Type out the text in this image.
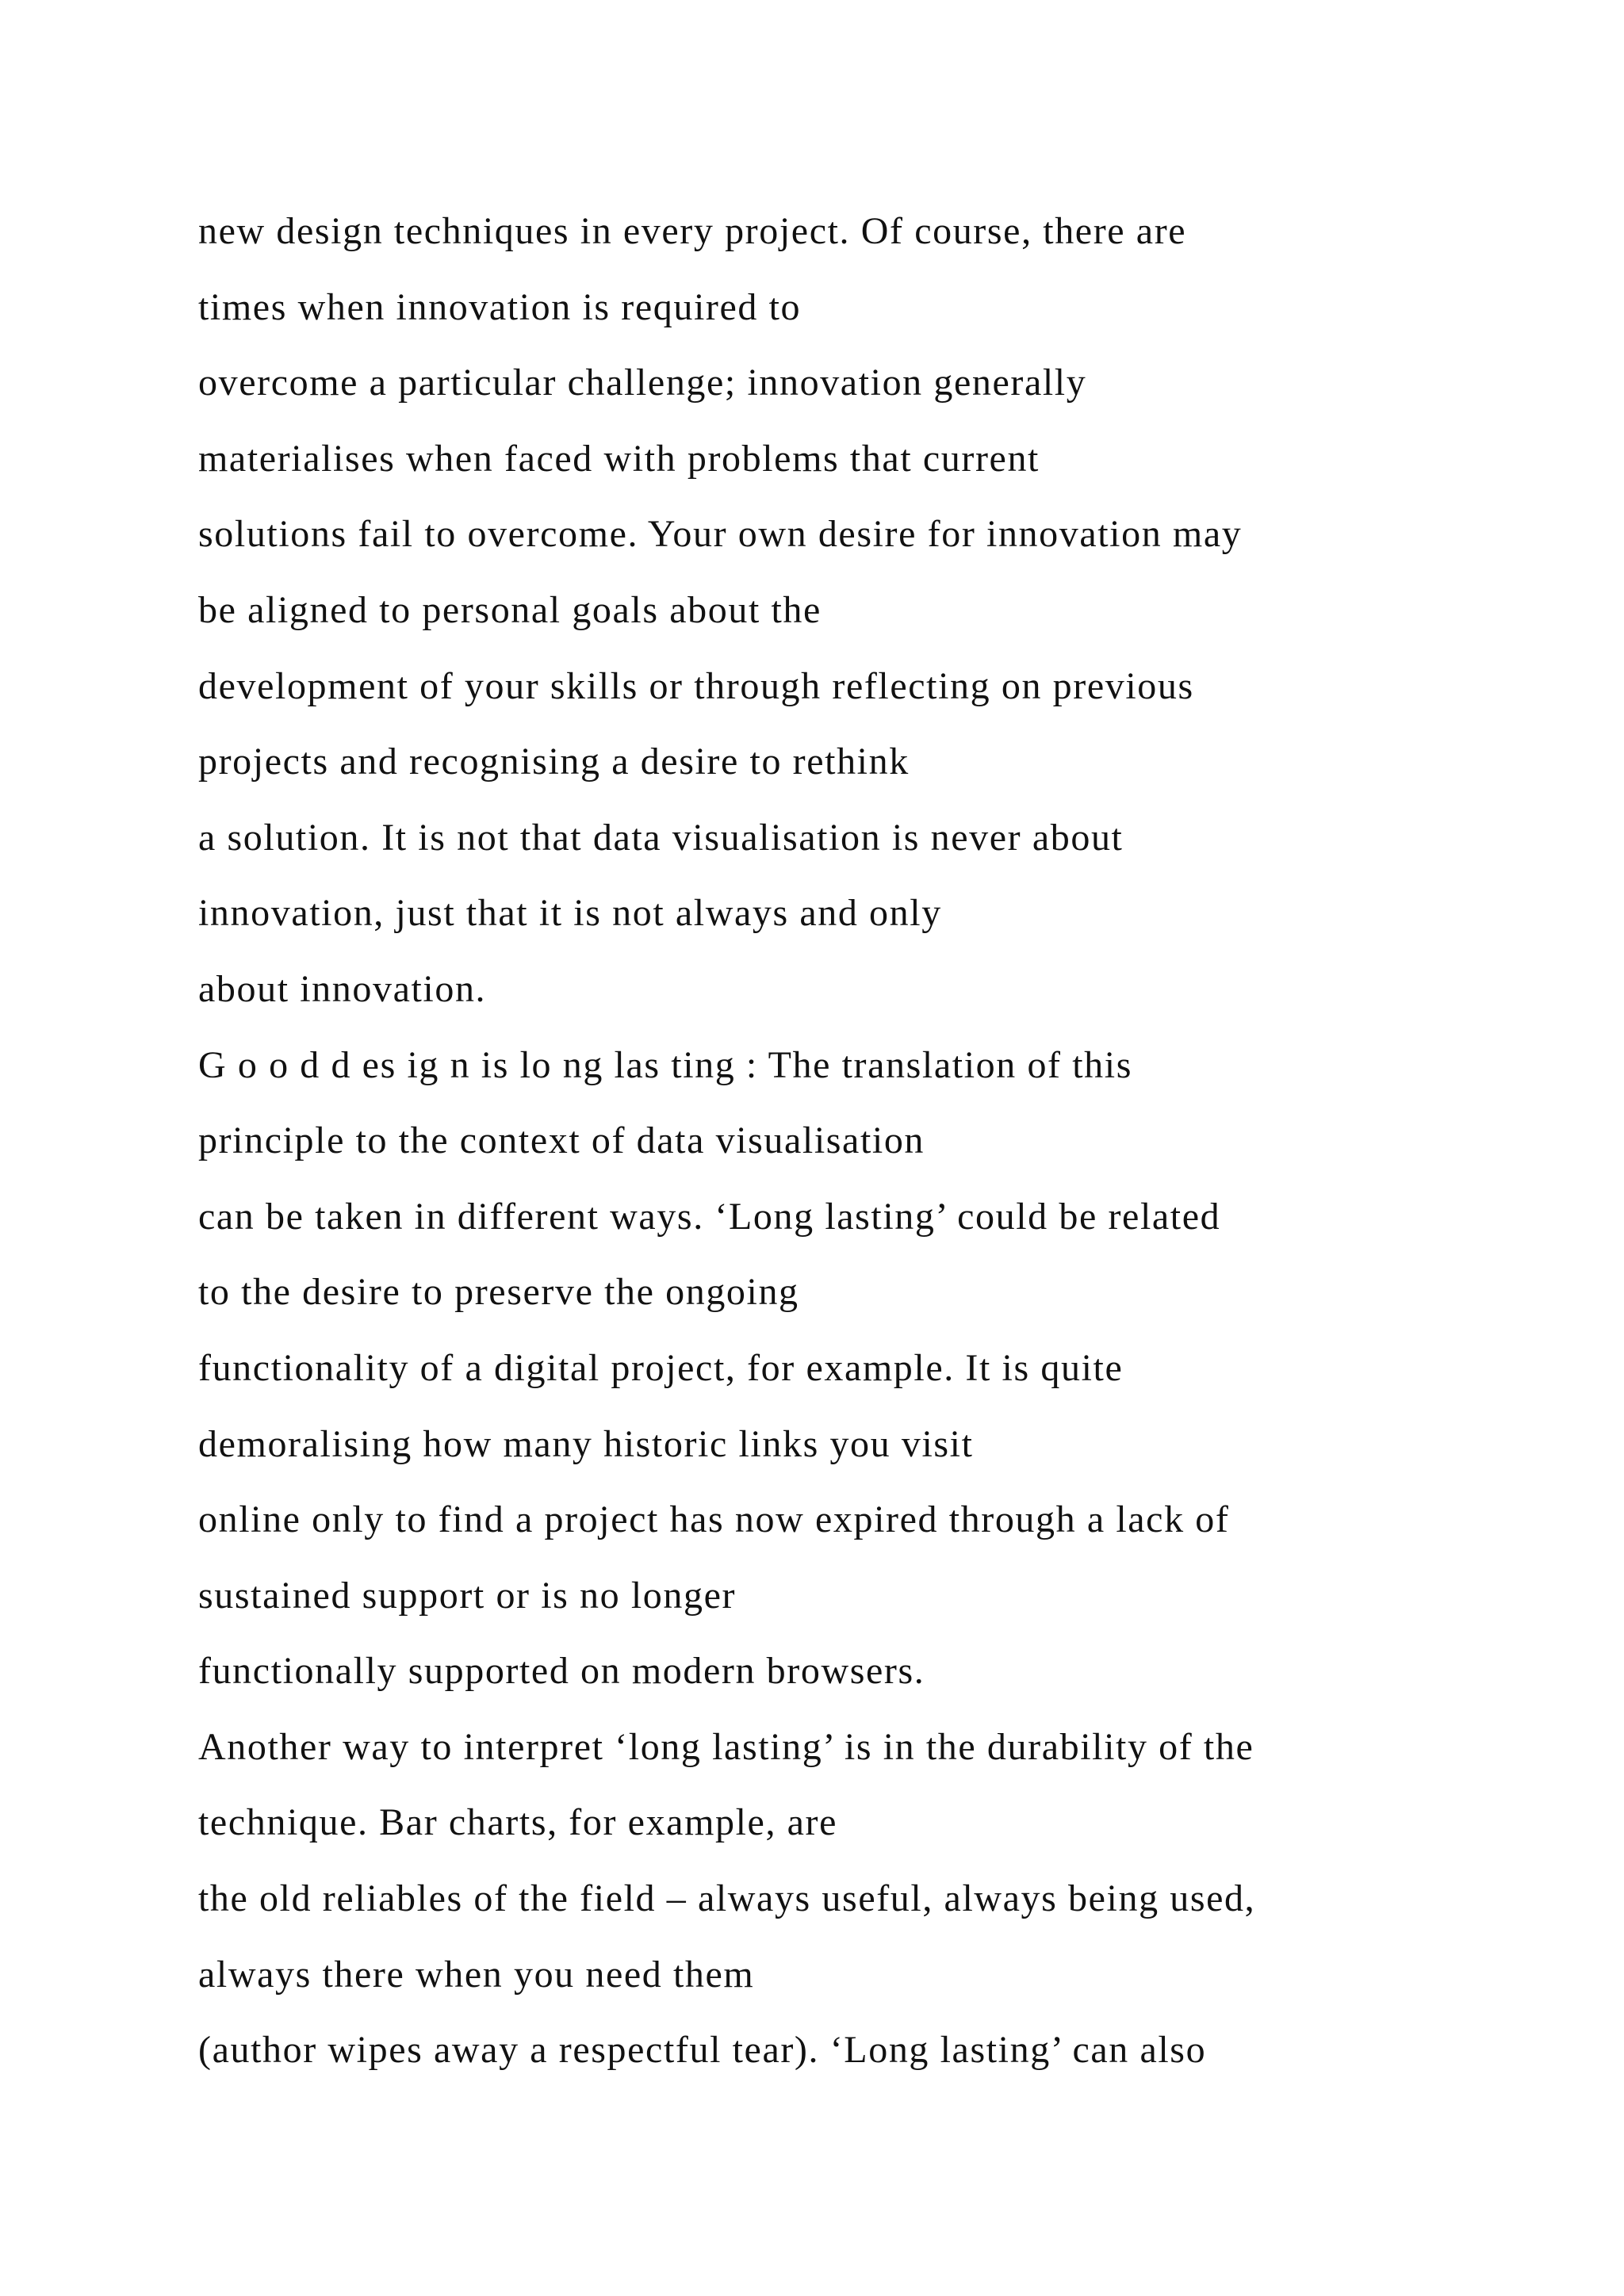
new design techniques in every project. Of course, there are
times when innovation is required to
overcome a particular challenge; innovation generally
materialises when faced with problems that current
solutions fail to overcome. Your own desire for innovation may
be aligned to personal goals about the
development of your skills or through reflecting on previous
projects and recognising a desire to rethink
a solution. It is not that data visualisation is never about
innovation, just that it is not always and only
about innovation.
G o o d d es ig n is lo ng las ting : The translation of this
principle to the context of data visualisation
can be taken in different ways. ‘Long lasting’ could be related
to the desire to preserve the ongoing
functionality of a digital project, for example. It is quite
demoralising how many historic links you visit
online only to find a project has now expired through a lack of
sustained support or is no longer
functionally supported on modern browsers.
Another way to interpret ‘long lasting’ is in the durability of the
technique. Bar charts, for example, are
the old reliables of the field – always useful, always being used,
always there when you need them
(author wipes away a respectful tear). ‘Long lasting’ can also
